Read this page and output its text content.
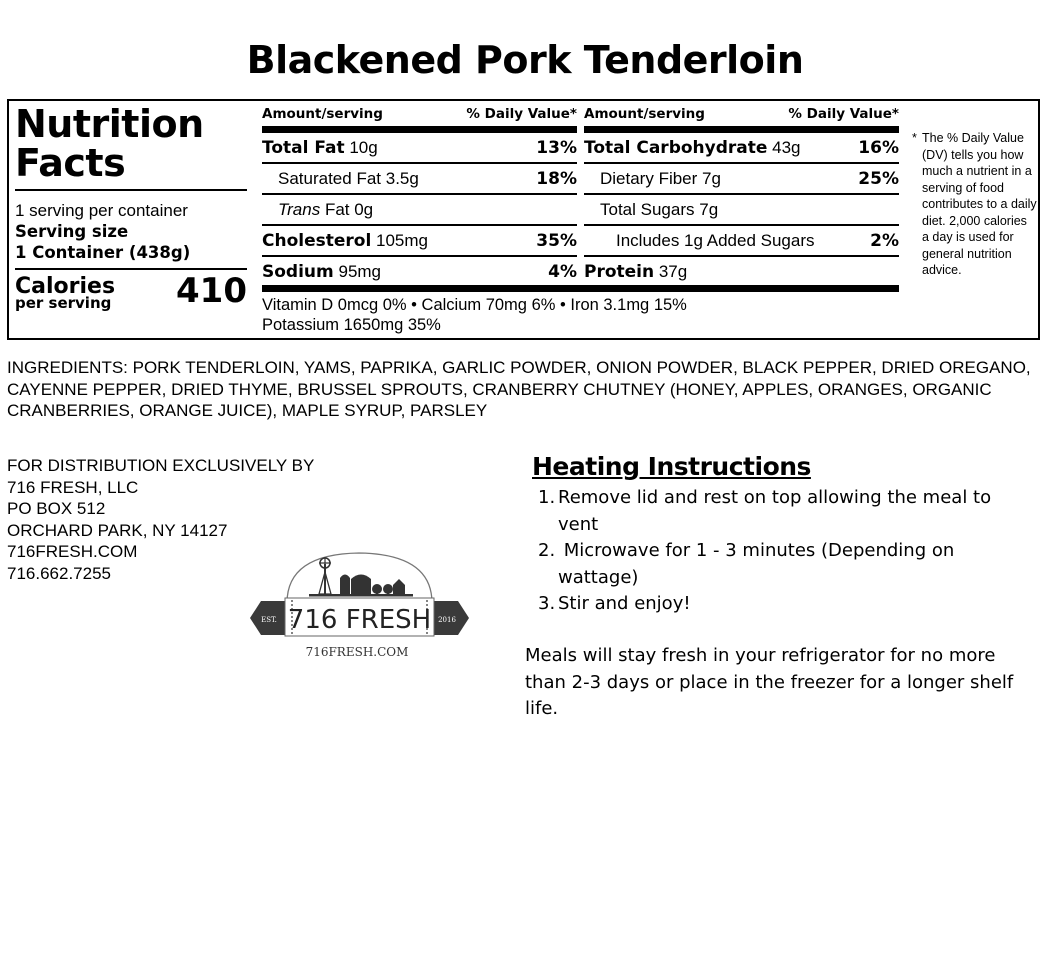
Blackened Pork Tenderloin
Nutrition
Facts
1 serving per container
Serving size
1 Container (438g)
Calories
per serving 410
Amount/serving	% Daily Value*
Total Fat 10g	13%
Saturated Fat 3.5g	18%
Trans Fat 0g
Cholesterol 105mg	35%
Sodium 95mg	4%
Amount/serving	% Daily Value*
Total Carbohydrate 43g	16%
Dietary Fiber 7g	25%
Total Sugars 7g
Includes 1g Added Sugars	2%
Protein 37g
Vitamin D 0mcg 0% • Calcium 70mg 6% • Iron 3.1mg 15%
Potassium 1650mg 35%
* The % Daily Value (DV) tells you how much a nutrient in a serving of food contributes to a daily diet. 2,000 calories a day is used for general nutrition advice.
INGREDIENTS: PORK TENDERLOIN, YAMS, PAPRIKA, GARLIC POWDER, ONION POWDER, BLACK PEPPER, DRIED OREGANO, CAYENNE PEPPER, DRIED THYME, BRUSSEL SPROUTS, CRANBERRY CHUTNEY (HONEY, APPLES, ORANGES, ORGANIC CRANBERRIES, ORANGE JUICE), MAPLE SYRUP, PARSLEY
FOR DISTRIBUTION EXCLUSIVELY BY
716 FRESH, LLC
PO BOX 512
ORCHARD PARK, NY 14127
716FRESH.COM
716.662.7255
EST.	2016
716 FRESH
716FRESH.COM
Heating Instructions
1. Remove lid and rest on top allowing the meal to vent
2. Microwave for 1 - 3 minutes (Depending on wattage)
3. Stir and enjoy!
Meals will stay fresh in your refrigerator for no more than 2-3 days or place in the freezer for a longer shelf life.
